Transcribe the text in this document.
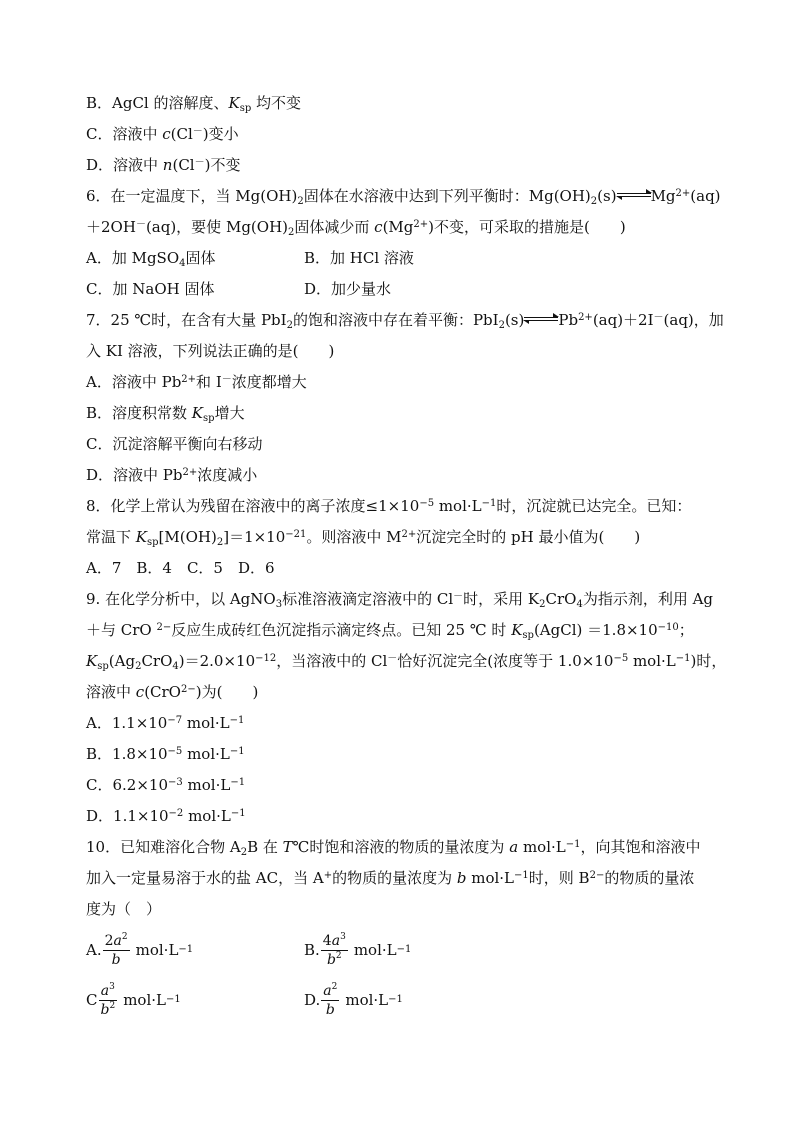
B．AgCl 的溶解度、$K_{sp}$ 均不变
C．溶液中 c(Cl－)变小
D．溶液中 n(Cl－)不变
6．在一定温度下，当 $Mg(OH)_2$固体在水溶液中达到下列平衡时：$Mg(OH)_2(s)$ $Mg^{2+}(aq)$
＋2OH－(aq)，要使 $Mg(OH)_2$固体减少而 $c(Mg^{2+})$不变，可采取的措施是(　　)
A．加 MgSO$_4$固体	B．加 HCl 溶液
C．加 NaOH 固体	D．加少量水
7．25 ℃时，在含有大量 PbI$_2$的饱和溶液中存在着平衡：PbI$_2$(s) $Pb^{2+}(aq)+2I^-(aq)$，加
入 KI 溶液，下列说法正确的是(　　)
A．溶液中 $Pb^{2+}$和 I－浓度都增大
B．溶度积常数 $K_{sp}$增大
C．沉淀溶解平衡向右移动
D．溶液中 $Pb^{2+}$浓度减小
8．化学上常认为残留在溶液中的离子浓度$\le 1\times 10^{-5}$ $mol\cdot L^{-1}$时，沉淀就已达完全。已知：
常温下 $K_{sp}[M(OH)_2]=1\times 10^{-21}$。则溶液中 $M^{2+}$沉淀完全时的 pH 最小值为(　　)
A．7　B．4　C．5　D．6
9. 在化学分析中，以 AgNO$_3$标准溶液滴定溶液中的 Cl－时，采用 $K_2CrO_4$为指示剂，利用 Ag
＋与 CrO $^{2-}$反应生成砖红色沉淀指示滴定终点。已知 25 ℃ 时 $K_{sp}(AgCl) =1.8\times 10^{-10}$；
$K_{sp}(Ag_2CrO_4)=2.0\times 10^{-12}$，当溶液中的 Cl－恰好沉淀完全(浓度等于 $1.0\times 10^{-5}$ $mol\cdot L^{-1}$)时，
溶液中 c(CrO$^{2-}$)为(　　)
A．$1.1\times 10^{-7}$ $mol\cdot L^{-1}$
B．$1.8\times 10^{-5}$ $mol\cdot L^{-1}$
C．$6.2\times 10^{-3}$ $mol\cdot L^{-1}$
D．$1.1\times 10^{-2}$ $mol\cdot L^{-1}$
10．已知难溶化合物 $A_2B$ 在 T℃时饱和溶液的物质的量浓度为 a $mol\cdot L^{-1}$，向其饱和溶液中
加入一定量易溶于水的盐 AC，当 A+的物质的量浓度为 b $mol\cdot L^{-1}$时，则 $B^{2-}$的物质的量浓
度为（　）
A. $\frac{2a^2}{b} mol\cdot L -1$	B. $\frac{4a^3}{b^2} mol\cdot L -1$
C $\frac{a^3}{b^2} mol\cdot L -1$	D. $\frac{a^2}{b} mol\cdot L -1$
